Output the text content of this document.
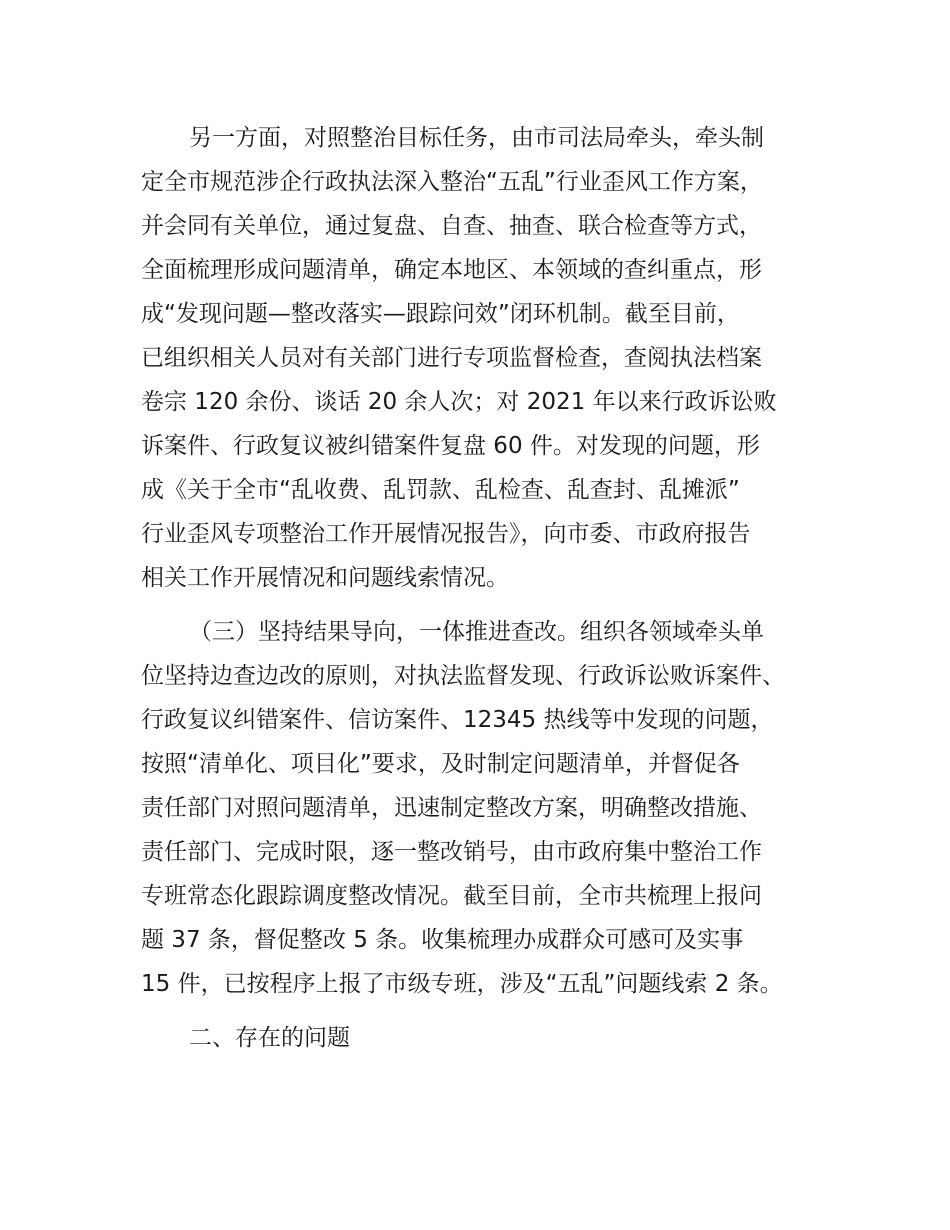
另一方面，对照整治目标任务，由市司法局牵头，牵头制
定全市规范涉企行政执法深入整治“五乱”行业歪风工作方案，
并会同有关单位，通过复盘、自查、抽查、联合检查等方式，
全面梳理形成问题清单，确定本地区、本领域的查纠重点，形
成“发现问题—整改落实—跟踪问效”闭环机制。截至目前，
已组织相关人员对有关部门进行专项监督检查，查阅执法档案
卷宗 120 余份、谈话 20 余人次；对 2021 年以来行政诉讼败
诉案件、行政复议被纠错案件复盘 60 件。对发现的问题，形
成《关于全市“乱收费、乱罚款、乱检查、乱查封、乱摊派”
行业歪风专项整治工作开展情况报告》，向市委、市政府报告
相关工作开展情况和问题线索情况。
（三）坚持结果导向，一体推进查改。组织各领域牵头单
位坚持边查边改的原则，对执法监督发现、行政诉讼败诉案件、
行政复议纠错案件、信访案件、12345 热线等中发现的问题，
按照“清单化、项目化”要求，及时制定问题清单，并督促各
责任部门对照问题清单，迅速制定整改方案，明确整改措施、
责任部门、完成时限，逐一整改销号，由市政府集中整治工作
专班常态化跟踪调度整改情况。截至目前，全市共梳理上报问
题 37 条，督促整改 5 条。收集梳理办成群众可感可及实事
15 件，已按程序上报了市级专班，涉及“五乱”问题线索 2 条。
二、存在的问题
